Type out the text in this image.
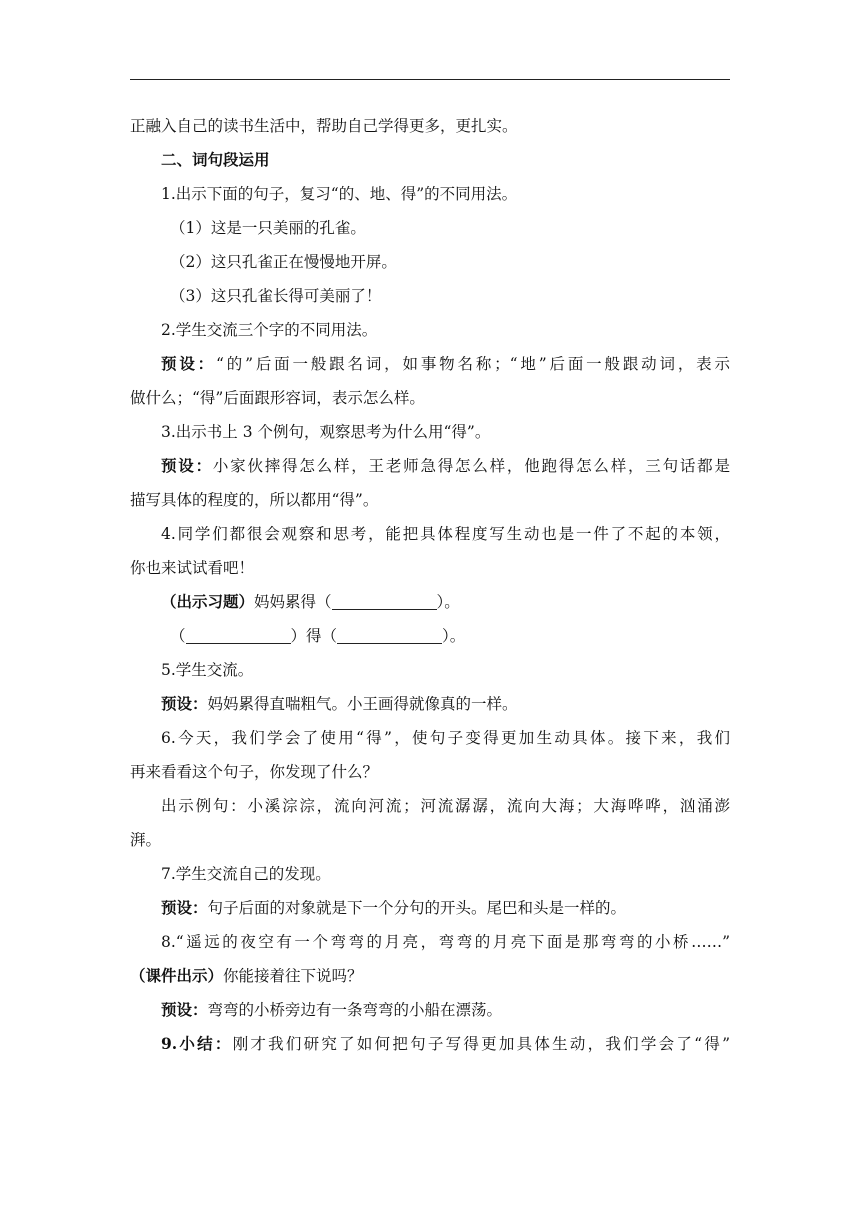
正融入自己的读书生活中，帮助自己学得更多，更扎实。
二、词句段运用
1.出示下面的句子，复习“的、地、得”的不同用法。
（1）这是一只美丽的孔雀。
（2）这只孔雀正在慢慢地开屏。
（3）这只孔雀长得可美丽了！
2.学生交流三个字的不同用法。
预设：“的”后面一般跟名词，如事物名称；“地”后面一般跟动词，表示
做什么；“得”后面跟形容词，表示怎么样。
3.出示书上 3 个例句，观察思考为什么用“得”。
预设：小家伙摔得怎么样，王老师急得怎么样，他跑得怎么样，三句话都是
描写具体的程度的，所以都用“得”。
4.同学们都很会观察和思考，能把具体程度写生动也是一件了不起的本领，
你也来试试看吧！
（出示习题）妈妈累得（	）。
（	）得（	）。
5.学生交流。
预设：妈妈累得直喘粗气。小王画得就像真的一样。
6.今天，我们学会了使用“得”，使句子变得更加生动具体。接下来，我们
再来看看这个句子，你发现了什么？
出示例句：小溪淙淙，流向河流；河流潺潺，流向大海；大海哗哗，汹涌澎
湃。
7.学生交流自己的发现。
预设：句子后面的对象就是下一个分句的开头。尾巴和头是一样的。
8.“遥远的夜空有一个弯弯的月亮，弯弯的月亮下面是那弯弯的小桥……”
（课件出示）你能接着往下说吗？
预设：弯弯的小桥旁边有一条弯弯的小船在漂荡。
9.小结：刚才我们研究了如何把句子写得更加具体生动，我们学会了“得”
